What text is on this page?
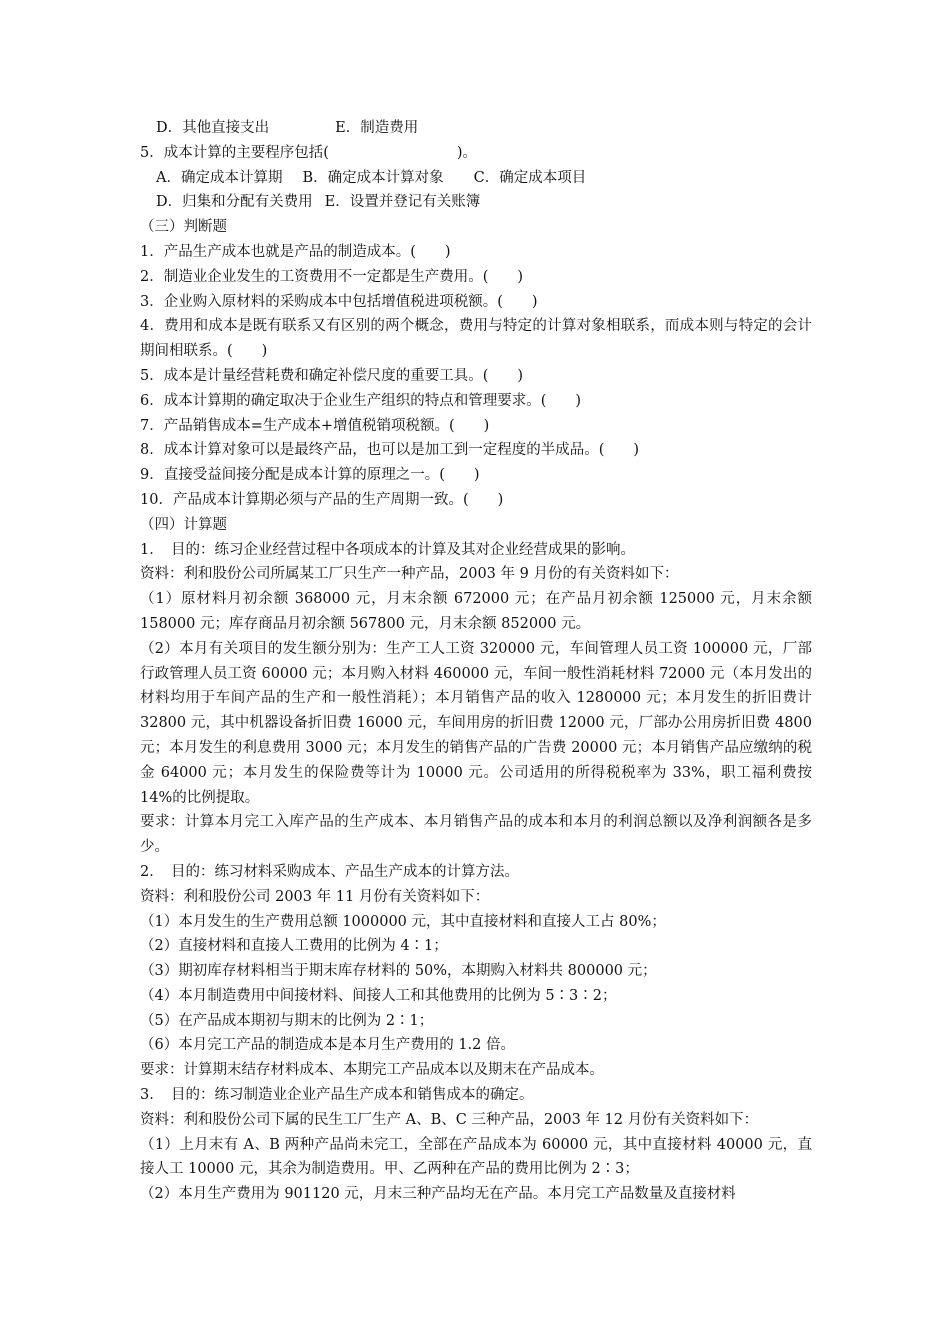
D．其他直接支出	E．制造费用
5．成本计算的主要程序包括(	)。
A．确定成本计算期 B．确定成本计算对象 C．确定成本项目
D．归集和分配有关费用 E．设置并登记有关账簿
（三）判断题
1．产品生产成本也就是产品的制造成本。(　　)
2．制造业企业发生的工资费用不一定都是生产费用。(　　)
3．企业购入原材料的采购成本中包括增值税进项税额。(　　)
4．费用和成本是既有联系又有区别的两个概念，费用与特定的计算对象相联系，而成本则与特定的会计期间相联系。(　　)
5．成本是计量经营耗费和确定补偿尺度的重要工具。(　　)
6．成本计算期的确定取决于企业生产组织的特点和管理要求。(　　)
7．产品销售成本=生产成本+增值税销项税额。(　　)
8．成本计算对象可以是最终产品，也可以是加工到一定程度的半成品。(　　)
9．直接受益间接分配是成本计算的原理之一。(　　)
10．产品成本计算期必须与产品的生产周期一致。(　　)
（四）计算题
1．　目的：练习企业经营过程中各项成本的计算及其对企业经营成果的影响。
资料：利和股份公司所属某工厂只生产一种产品，2003 年 9 月份的有关资料如下：
（1）原材料月初余额 368000 元，月末余额 672000 元；在产品月初余额 125000 元，月末余额 158000 元；库存商品月初余额 567800 元，月末余额 852000 元。
（2）本月有关项目的发生额分别为：生产工人工资 320000 元，车间管理人员工资 100000 元，厂部行政管理人员工资 60000 元；本月购入材料 460000 元，车间一般性消耗材料 72000 元（本月发出的材料均用于车间产品的生产和一般性消耗）；本月销售产品的收入 1280000 元；本月发生的折旧费计 32800 元，其中机器设备折旧费 16000 元，车间用房的折旧费 12000 元，厂部办公用房折旧费 4800 元；本月发生的利息费用 3000 元；本月发生的销售产品的广告费 20000 元；本月销售产品应缴纳的税金 64000 元；本月发生的保险费等计为 10000 元。公司适用的所得税税率为 33%，职工福利费按 14%的比例提取。
要求：计算本月完工入库产品的生产成本、本月销售产品的成本和本月的利润总额以及净利润额各是多少。
2．　目的：练习材料采购成本、产品生产成本的计算方法。
资料：利和股份公司 2003 年 11 月份有关资料如下：
（1）本月发生的生产费用总额 1000000 元，其中直接材料和直接人工占 80%；
（2）直接材料和直接人工费用的比例为 4∶1；
（3）期初库存材料相当于期末库存材料的 50%，本期购入材料共 800000 元；
（4）本月制造费用中间接材料、间接人工和其他费用的比例为 5∶3∶2；
（5）在产品成本期初与期末的比例为 2∶1；
（6）本月完工产品的制造成本是本月生产费用的 1.2 倍。
要求：计算期末结存材料成本、本期完工产品成本以及期末在产品成本。
3．　目的：练习制造业企业产品生产成本和销售成本的确定。
资料：利和股份公司下属的民生工厂生产 A、B、C 三种产品，2003 年 12 月份有关资料如下：
（1）上月末有 A、B 两种产品尚未完工，全部在产品成本为 60000 元，其中直接材料 40000 元，直接人工 10000 元，其余为制造费用。甲、乙两种在产品的费用比例为 2∶3；
（2）本月生产费用为 901120 元，月末三种产品均无在产品。本月完工产品数量及直接材料
